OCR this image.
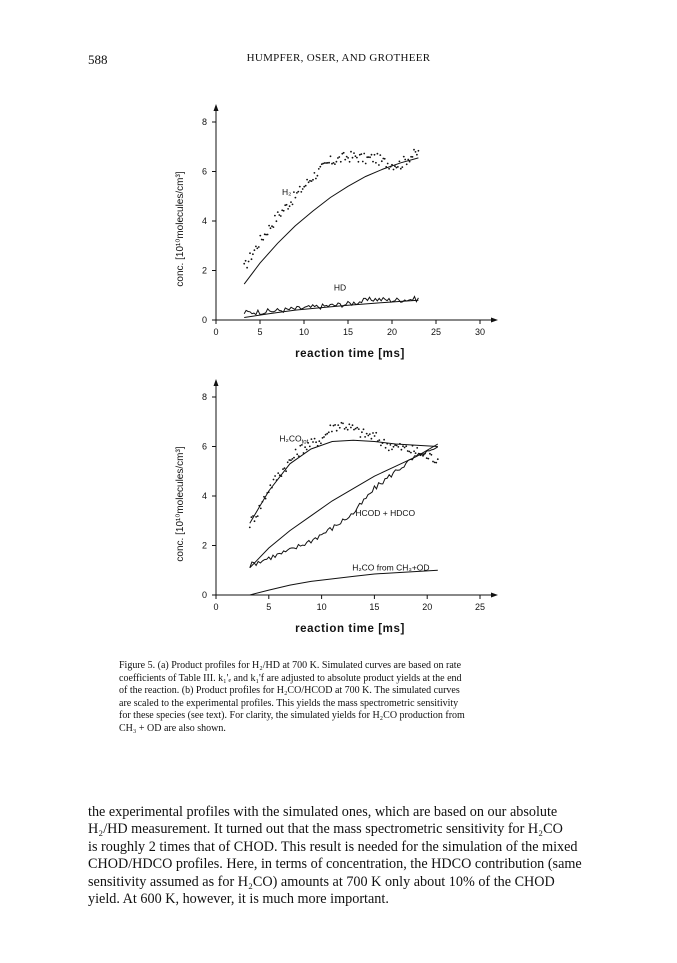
588	HUMPFER, OSER, AND GROTHEER
0	5	10	15	20	25	30
0
2
4
6
8
reaction time [ms]
conc. [10¹⁰molecules/cm³]	H₂
HD
0	5	10	15	20	25
0
2
4
6
8
reaction time [ms]
conc. [10¹⁰molecules/cm³]
$H_2CO_{tot}$
HCOD + HDCO
H₂CO from CH₃+OD
Figure 5. (a) Product profiles for H₂/HD at 700 K. Simulated curves are based on rate
coefficients of Table III. k₁'ₑ and k₁'f are adjusted to absolute product yields at the end
of the reaction. (b) Product profiles for H₂CO/HCOD at 700 K. The simulated curves
are scaled to the experimental profiles. This yields the mass spectrometric sensitivity
for these species (see text). For clarity, the simulated yields for H₂CO production from
CH₃ + OD are also shown.
the experimental profiles with the simulated ones, which are based on our absolute
H₂/HD measurement. It turned out that the mass spectrometric sensitivity for H₂CO
is roughly 2 times that of CHOD. This result is needed for the simulation of the mixed
CHOD/HDCO profiles. Here, in terms of concentration, the HDCO contribution (same
sensitivity assumed as for H₂CO) amounts at 700 K only about 10% of the CHOD
yield. At 600 K, however, it is much more important.
